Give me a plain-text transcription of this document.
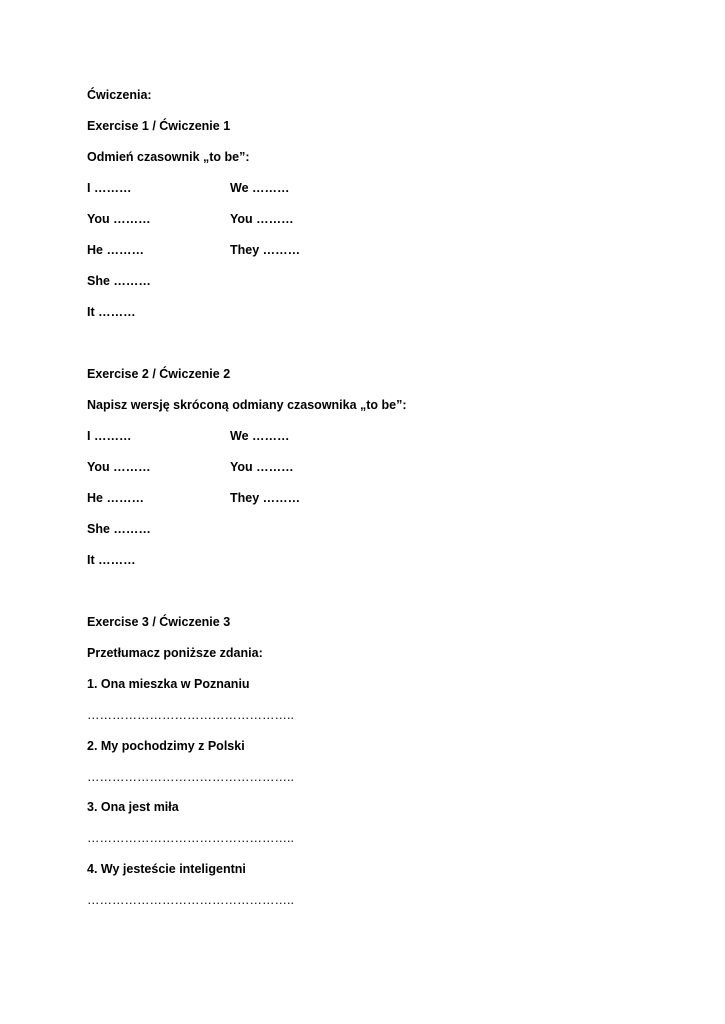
Ćwiczenia:
Exercise 1 / Ćwiczenie 1
Odmień czasownik „to be”:
I ………	We ………
You ………	You ………
He ………	They ………
She ………
It ………
Exercise 2 / Ćwiczenie 2
Napisz wersję skróconą odmiany czasownika „to be”:
I ………	We ………
You ………	You ………
He ………	They ………
She ………
It ………
Exercise 3 / Ćwiczenie 3
Przetłumacz poniższe zdania:
1. Ona mieszka w Poznaniu
…………………………………………..
2. My pochodzimy z Polski
…………………………………………..
3. Ona jest miła
…………………………………………..
4. Wy jesteście inteligentni
…………………………………………..
